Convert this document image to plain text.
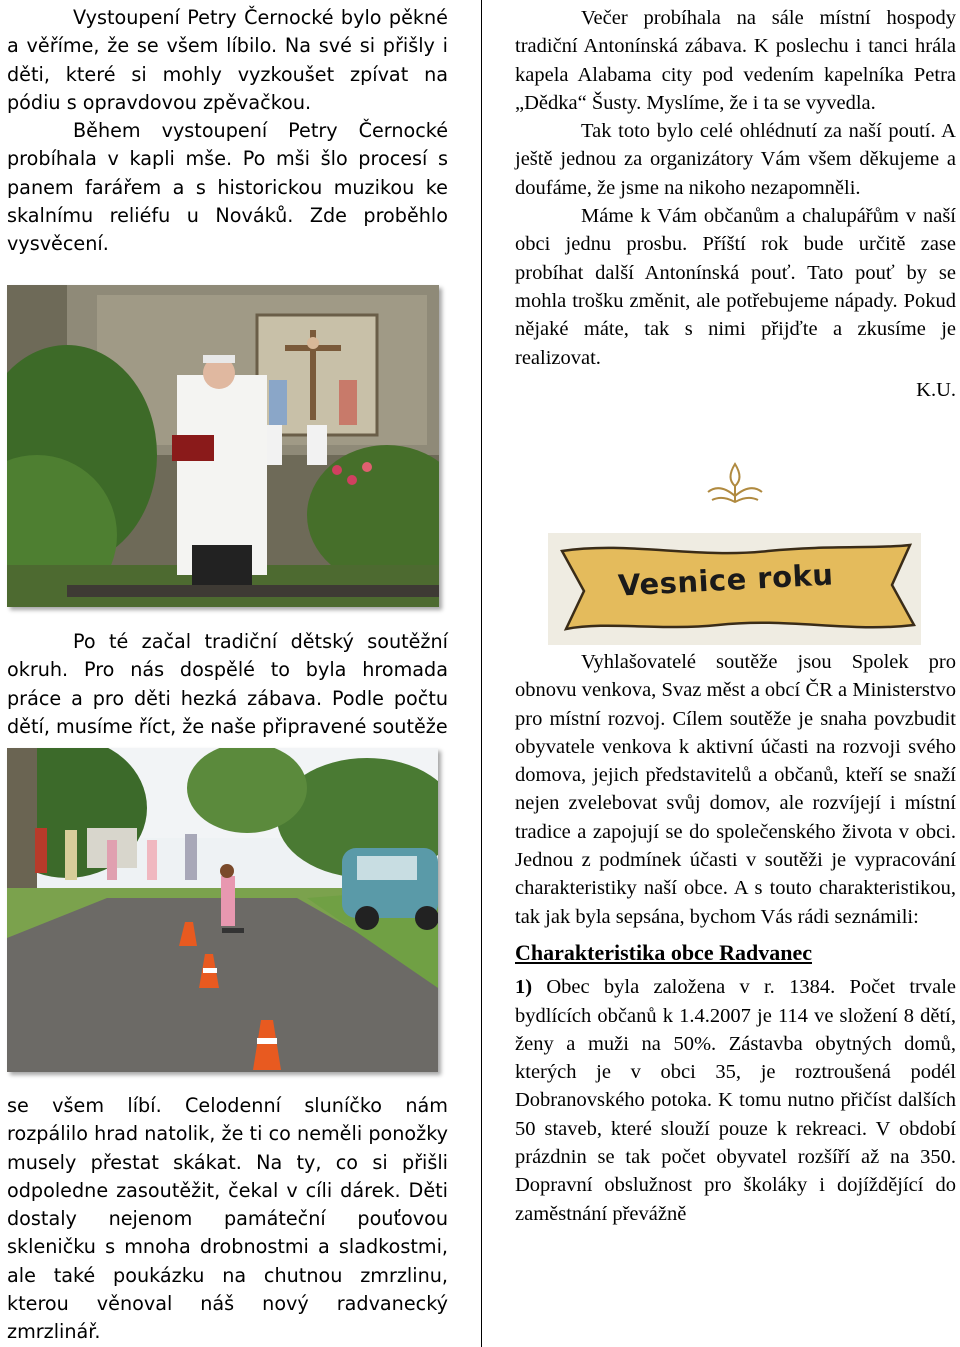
Vystoupení Petry Černocké bylo pěkné a věříme, že se všem líbilo. Na své si přišly i děti, které si mohly vyzkoušet zpívat na pódiu s opravdovou zpěvačkou.

Během vystoupení Petry Černocké probíhala v kapli mše. Po mši šlo procesí s panem farářem a s historickou muzikou ke skalnímu reliéfu u Nováků. Zde proběhlo vysvěcení.

Po té začal tradiční dětský soutěžní okruh. Pro nás dospělé to byla hromada práce a pro děti hezká zábava. Podle počtu dětí, musíme říct, že naše připravené soutěže

se všem líbí. Celodenní sluníčko nám rozpálilo hrad natolik, že ti co neměli ponožky musely přestat skákat. Na ty, co si přišli odpoledne zasoutěžit, čekal v cíli dárek. Děti dostaly nejenom památeční pouťovou skleničku s mnoha drobnostmi a sladkostmi, ale také poukázku na chutnou zmrzlinu, kterou věnoval náš nový radvanecký zmrzlinář.

Večer probíhala na sále místní hospody tradiční Antonínská zábava. K poslechu i tanci hrála kapela Alabama city pod vedením kapelníka Petra „Dědka“ Šusty. Myslíme, že i ta se vyvedla.

Tak toto bylo celé ohlédnutí za naší poutí. A ještě jednou za organizátory Vám všem děkujeme a doufáme, že jsme na nikoho nezapomněli.

Máme k Vám občanům a chalupářům v naší obci jednu prosbu. Příští rok bude určitě zase probíhat další Antonínská pouť. Tato pouť by se mohla trošku změnit, ale potřebujeme nápady. Pokud nějaké máte, tak s nimi přijďte a zkusíme je realizovat.

K.U.

Vesnice roku

Vyhlašovatelé soutěže jsou Spolek pro obnovu venkova, Svaz měst a obcí ČR a Ministerstvo pro místní rozvoj. Cílem soutěže je snaha povzbudit obyvatele venkova k aktivní účasti na rozvoji svého domova, jejich představitelů a občanů, kteří se snaží nejen zvelebovat svůj domov, ale rozvíjejí i místní tradice a zapojují se do společenského života v obci. Jednou z podmínek účasti v soutěži je vypracování charakteristiky naší obce. A s touto charakteristikou, tak jak byla sepsána, bychom Vás rádi seznámili:

Charakteristika obce Radvanec

1) Obec byla založena v r. 1384. Počet trvale bydlících občanů k 1.4.2007 je 114 ve složení 8 dětí, ženy a muži na 50%. Zástavba obytných domů, kterých je v obci 35, je roztroušená podél Dobranovského potoka. K tomu nutno přičíst dalších 50 staveb, které slouží pouze k rekreaci. V období prázdnin se tak počet obyvatel rozšíří až na 350. Dopravní obslužnost pro školáky i dojíždějící do zaměstnání převážně
